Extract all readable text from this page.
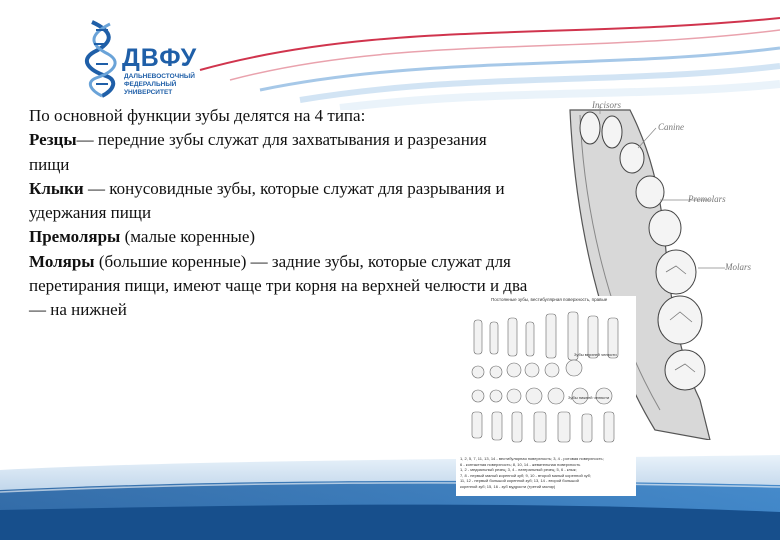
ДВФУ
ДАЛЬНЕВОСТОЧНЫЙ
ФЕДЕРАЛЬНЫЙ
УНИВЕРСИТЕТ

По основной функции зубы делятся на 4 типа:

Резцы— передние зубы служат для захватывания и разрезания пищи

Клыки — конусовидные зубы, которые служат для разрывания и удержания пищи

Премоляры (малые коренные)

Моляры (большие коренные) — задние зубы, которые служат для перетирания пищи, имеют чаще три корня на верхней челюсти и два — на нижней

Incisors
Canine
Premolars
Molars
Постоянные зубы, вестибулярная поверхность, правые
Зубы верхней челюсти
Зубы нижней челюсти
1, 2, 5, 7, 11, 13, 14 - вестибулярная поверхность; 3, 4 - ротовая поверхность;
6 - контактная поверхность; 8, 10, 14 - жевательная поверхность
1, 2 - медиальный резец; 3, 4 - латеральный резец; 5, 6 - клык;
7, 8 - первый малый коренной зуб; 9, 10 - второй малый коренной зуб;
11, 12 - первый большой коренной зуб; 13, 14 - второй большой
коренной зуб; 15, 16 - зуб мудрости (третий моляр)
